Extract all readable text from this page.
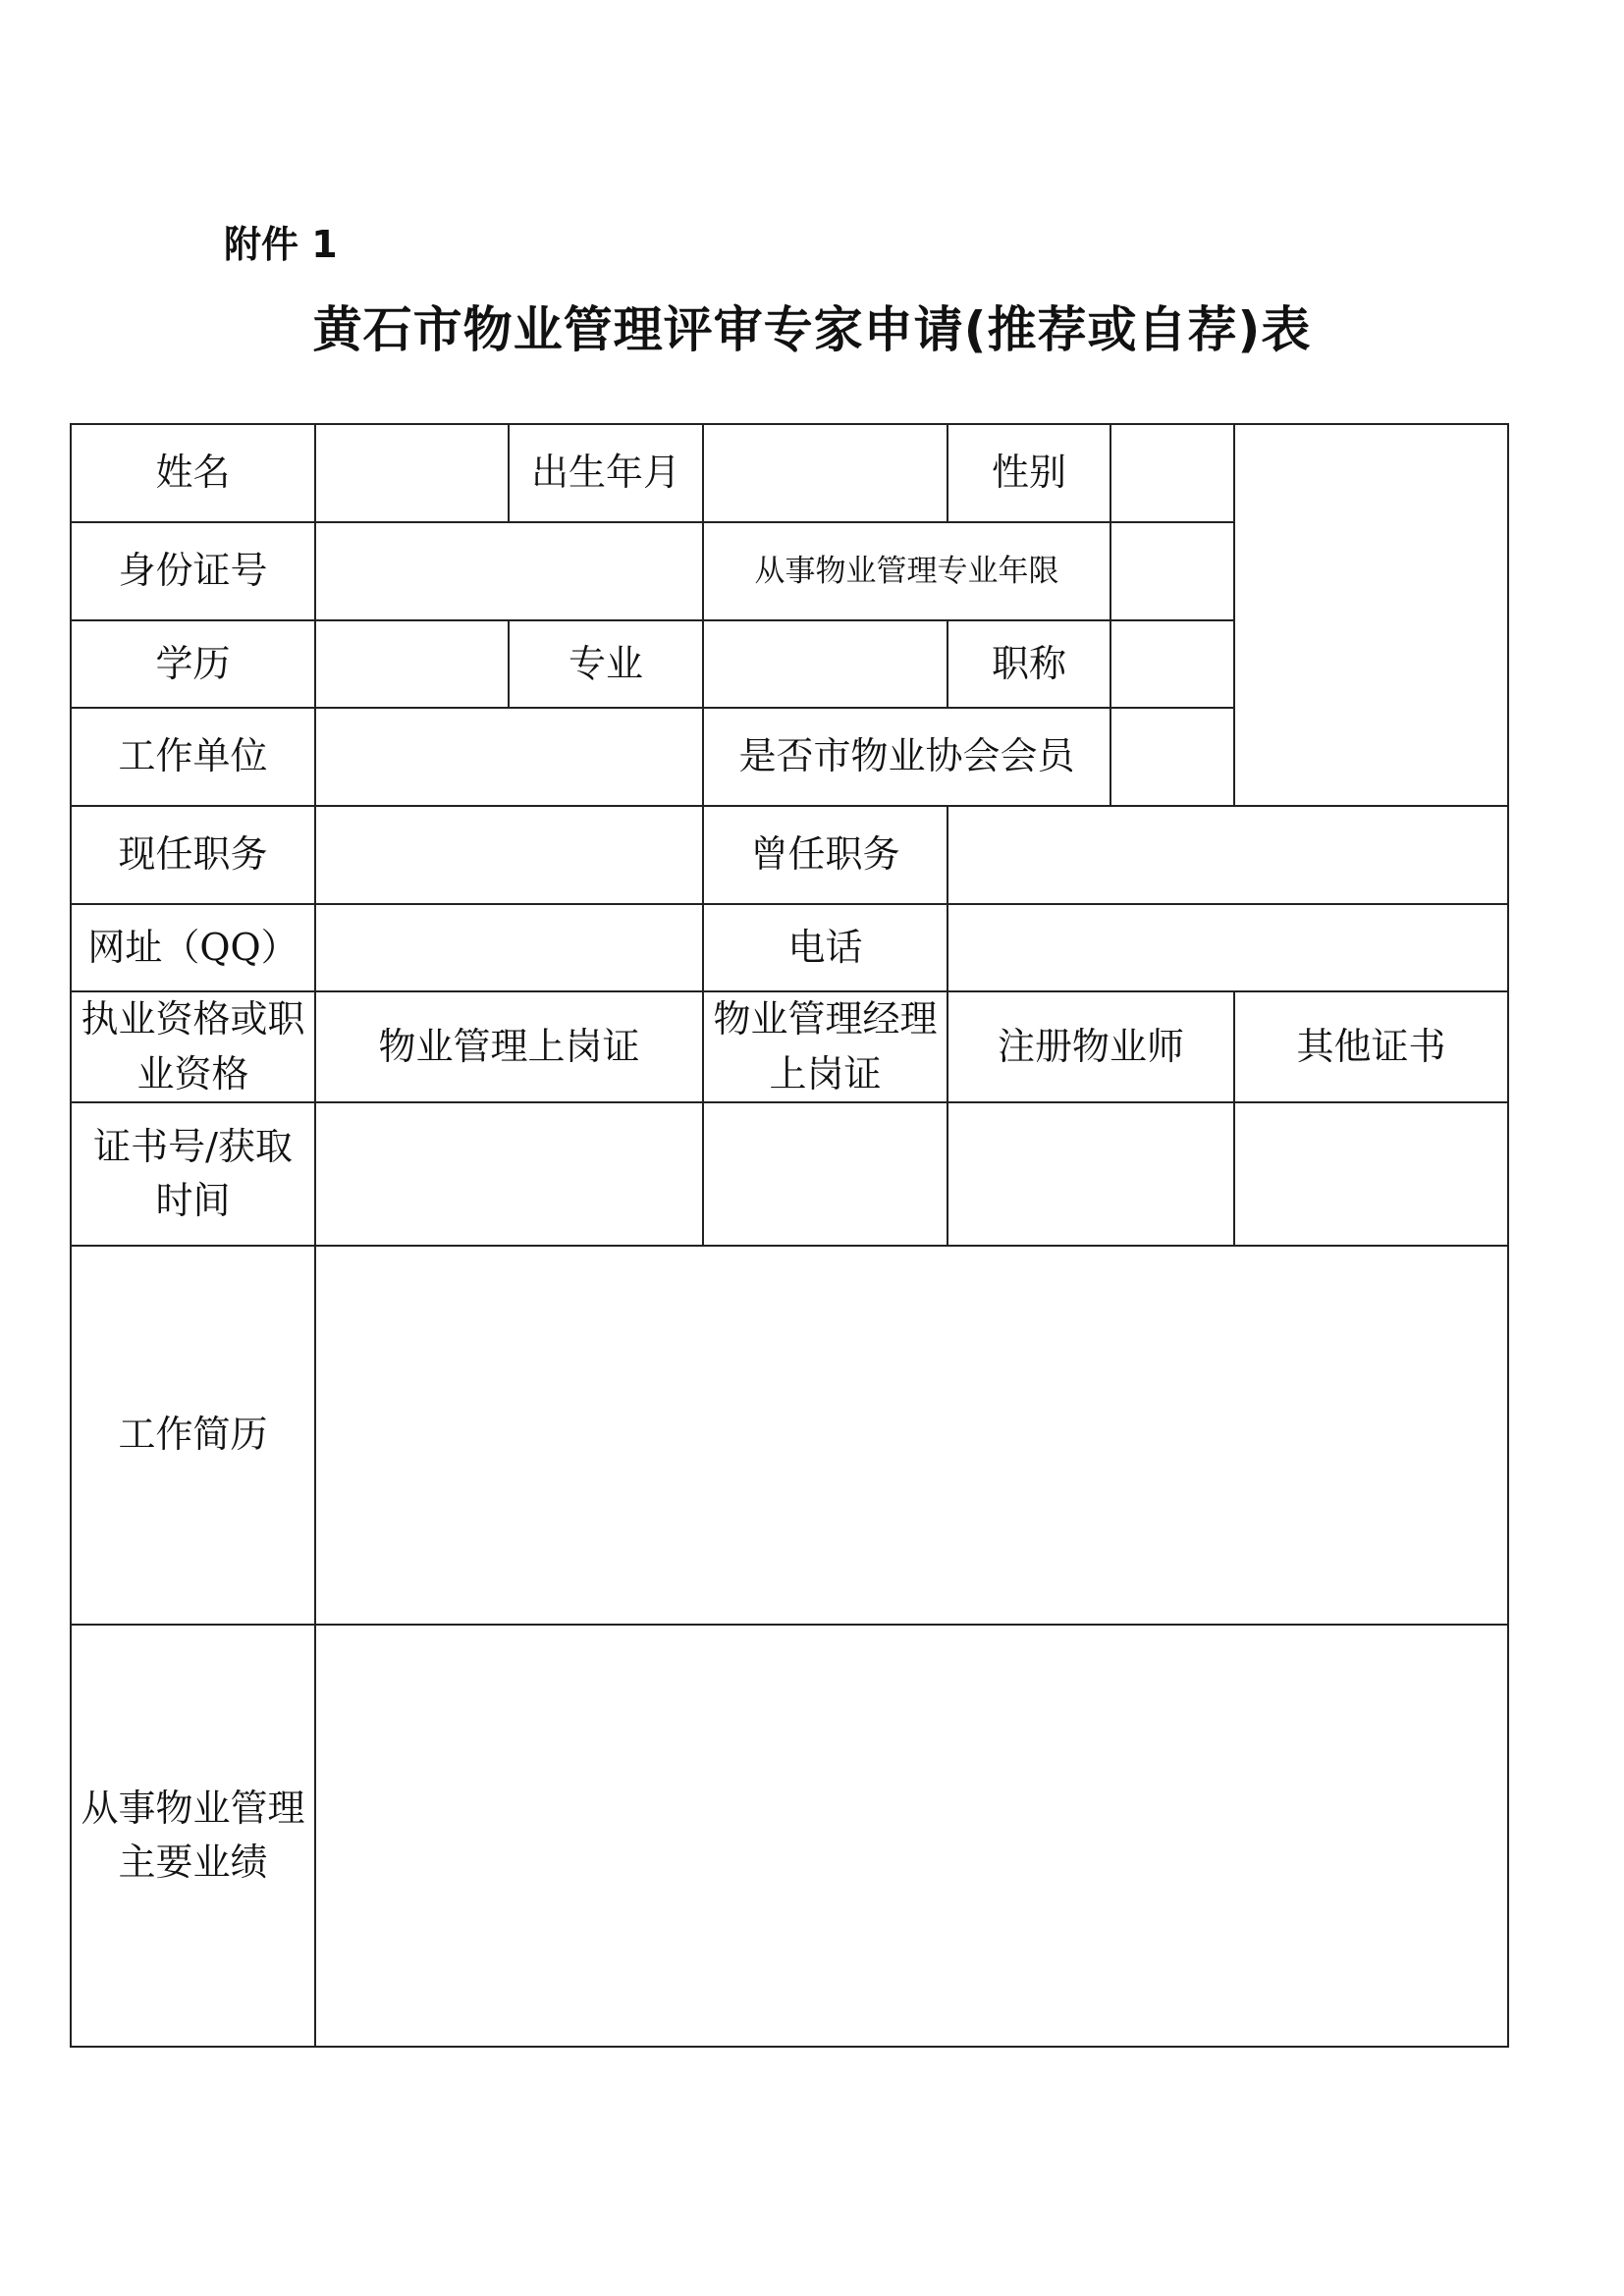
附件 1
黄石市物业管理评审专家申请(推荐或自荐)表
姓名		出生年月		性别		
身份证号			从事物业管理专业年限			
学历		专业		职称		
工作单位			是否市物业协会会员			
现任职务			曾任职务			
网址（QQ）			电话			
执业资格或职业资格	物业管理上岗证		物业管理经理上岗证	注册物业师		其他证书
证书号/获取时间						
工作简历						
从事物业管理主要业绩						
